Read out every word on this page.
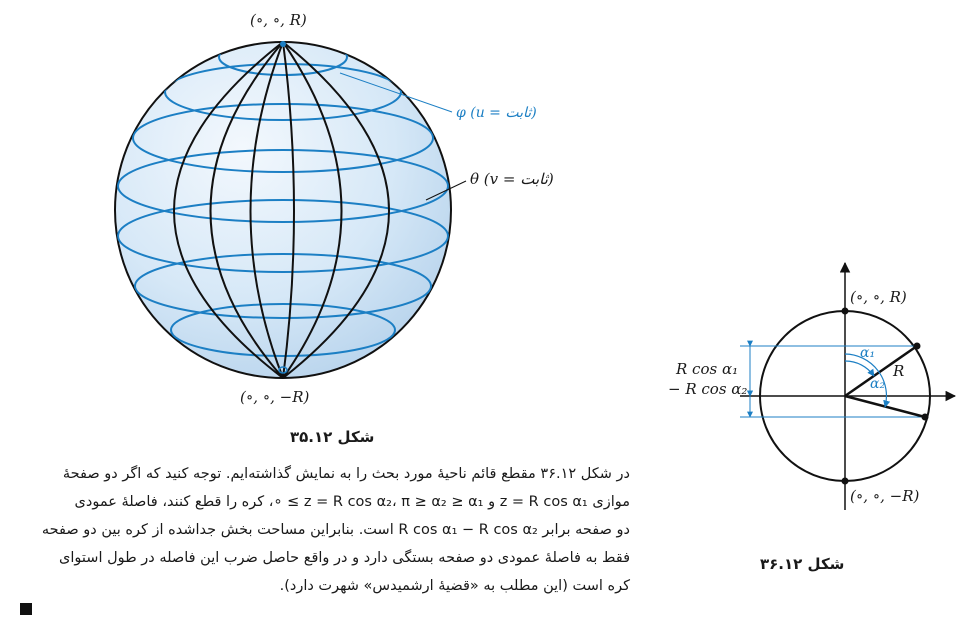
(∘, ∘, R)
φ (u = ثابت)
θ (v = ثابت)
(∘, ∘, −R)
(∘, ∘, R)
(∘, ∘, −R)
R
α₁
α₂
R cos α₁
− R cos α₂
شکل ۳۵.۱۲
شکل ۳۶.۱۲

در شکل ۳۶.۱۲ مقطع قائم ناحیهٔ مورد بحث را به نمایش گذاشته‌ایم. توجه کنید که اگر دو صفحهٔ

موازی z = R cos α₁ و z = R cos α₂، π ≥ α₂ ≥ α₁ ≥ ∘، کره را قطع کنند، فاصلهٔ عمودی

دو صفحه برابر R cos α₁ − R cos α₂ است. بنابراین مساحت بخش جداشده از کره بین دو صفحه

فقط به فاصلهٔ عمودی دو صفحه بستگی دارد و در واقع حاصل ضرب این فاصله در طول استوای

کره است (این مطلب به «قضیهٔ ارشمیدس» شهرت دارد).
